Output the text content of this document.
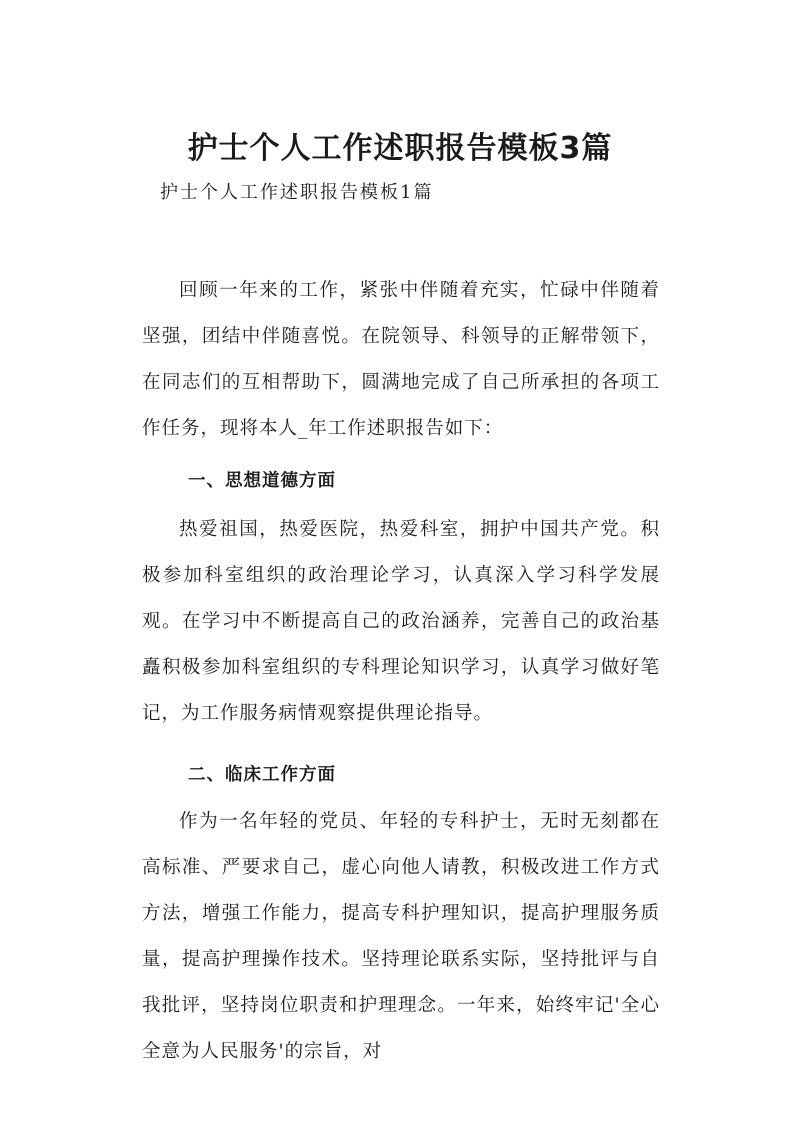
护士个人工作述职报告模板3篇

护士个人工作述职报告模板1篇

回顾一年来的工作，紧张中伴随着充实，忙碌中伴随着坚强，团结中伴随喜悦。在院领导、科领导的正解带领下，在同志们的互相帮助下，圆满地完成了自己所承担的各项工作任务，现将本人_年工作述职报告如下：

一、思想道德方面

热爱祖国，热爱医院，热爱科室，拥护中国共产党。积极参加科室组织的政治理论学习，认真深入学习科学发展观。在学习中不断提高自己的政治涵养，完善自己的政治基矗积极参加科室组织的专科理论知识学习，认真学习做好笔记，为工作服务病情观察提供理论指导。

二、临床工作方面

作为一名年轻的党员、年轻的专科护士，无时无刻都在高标准、严要求自己，虚心向他人请教，积极改进工作方式方法，增强工作能力，提高专科护理知识，提高护理服务质量，提高护理操作技术。坚持理论联系实际，坚持批评与自我批评，坚持岗位职责和护理理念。一年来，始终牢记'全心全意为人民服务'的宗旨，对
